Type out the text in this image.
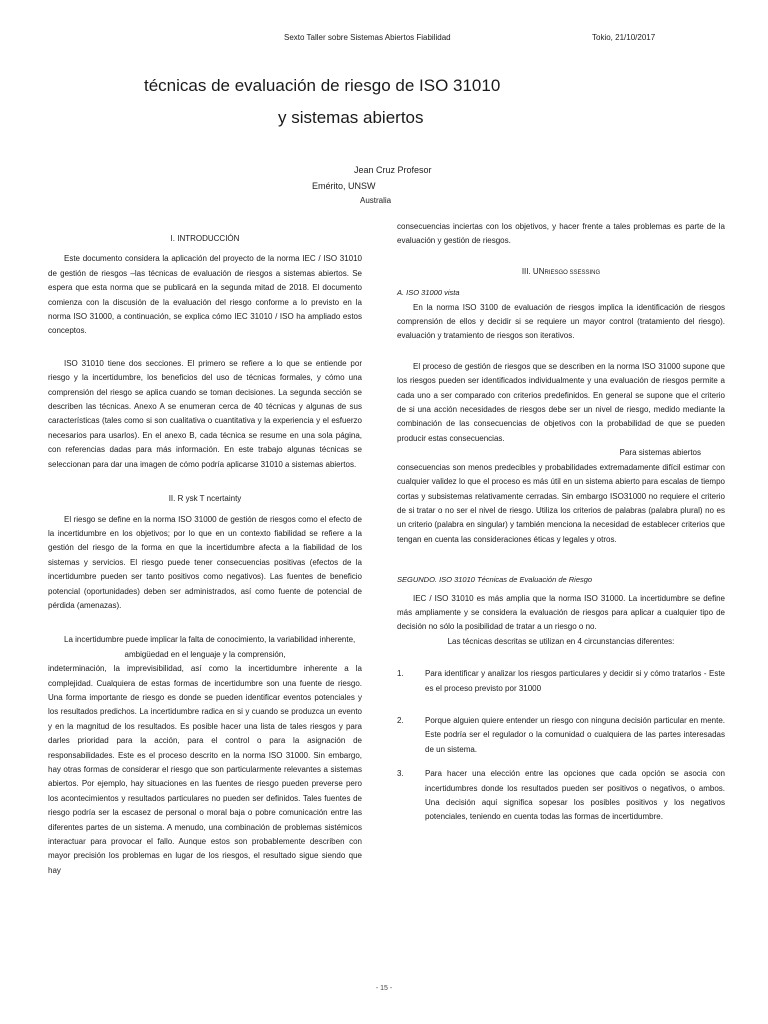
Sexto Taller sobre Sistemas Abiertos Fiabilidad	Tokio, 21/10/2017
técnicas de evaluación de riesgo de ISO 31010
y sistemas abiertos
Jean Cruz Profesor
Emérito, UNSW
Australia

I. INTRODUCCIÓN

Este documento considera la aplicación del proyecto de la norma IEC / ISO 31010 de gestión de riesgos –las técnicas de evaluación de riesgos a sistemas abiertos. Se espera que esta norma que se publicará en la segunda mitad de 2018. El documento comienza con la discusión de la evaluación del riesgo conforme a lo previsto en la norma ISO 31000, a continuación, se explica cómo IEC 31010 / ISO ha ampliado estos conceptos.

ISO 31010 tiene dos secciones. El primero se refiere a lo que se entiende por riesgo y la incertidumbre, los beneficios del uso de técnicas formales, y cómo una comprensión del riesgo se aplica cuando se toman decisiones. La segunda sección se describen las técnicas. Anexo A se enumeran cerca de 40 técnicas y algunas de sus características (tales como si son cualitativa o cuantitativa y la experiencia y el esfuerzo necesarios para usarlos). En el anexo B, cada técnica se resume en una sola página, con referencias dadas para más información. En este trabajo algunas técnicas se seleccionan para dar una imagen de cómo podría aplicarse 31010 a sistemas abiertos.

II. R ysk T ncertainty

El riesgo se define en la norma ISO 31000 de gestión de riesgos como el efecto de la incertidumbre en los objetivos; por lo que en un contexto fiabilidad se refiere a la gestión del riesgo de la forma en que la incertidumbre afecta a la fiabilidad de los sistemas y servicios. El riesgo puede tener consecuencias positivas (efectos de la incertidumbre pueden ser tanto positivos como negativos). Las fuentes de beneficio potencial (oportunidades) deben ser administrados, así como fuente de potencial de pérdida (amenazas).

La incertidumbre puede implicar la falta de conocimiento, la variabilidad inherente,

ambigüedad en el lenguaje y la comprensión,

indeterminación, la imprevisibilidad, así como la incertidumbre inherente a la complejidad. Cualquiera de estas formas de incertidumbre son una fuente de riesgo. Una forma importante de riesgo es donde se pueden identificar eventos potenciales y los resultados predichos. La incertidumbre radica en si y cuando se produzca un evento y en la magnitud de los resultados. Es posible hacer una lista de tales riesgos y para darles prioridad para la acción, para el control o para la asignación de responsabilidades. Este es el proceso descrito en la norma ISO 31000. Sin embargo, hay otras formas de considerar el riesgo que son particularmente relevantes a sistemas abiertos. Por ejemplo, hay situaciones en las fuentes de riesgo pueden preverse pero los acontecimientos y resultados particulares no pueden ser definidos. Tales fuentes de riesgo podría ser la escasez de personal o moral baja o pobre comunicación entre las diferentes partes de un sistema. A menudo, una combinación de problemas sistémicos interactuar para provocar el fallo. Aunque estos son probablemente describen con mayor precisión los problemas en lugar de los riesgos, el resultado sigue siendo que hay

consecuencias inciertas con los objetivos, y hacer frente a tales problemas es parte de la evaluación y gestión de riesgos.

III. UNRIESGO SSESSING

A. ISO 31000 vista

En la norma ISO 3100 de evaluación de riesgos implica la identificación de riesgos comprensión de ellos y decidir si se requiere un mayor control (tratamiento del riesgo). evaluación y tratamiento de riesgos son iterativos.

El proceso de gestión de riesgos que se describen en la norma ISO 31000 supone que los riesgos pueden ser identificados individualmente y una evaluación de riesgos permite a cada uno a ser comparado con criterios predefinidos. En general se supone que el criterio de si una acción necesidades de riesgos debe ser un nivel de riesgo, medido mediante la combinación de las consecuencias de objetivos con la probabilidad de que se pueden producir estas consecuencias.

Para sistemas abiertos

consecuencias son menos predecibles y probabilidades extremadamente difícil estimar con cualquier validez lo que el proceso es más útil en un sistema abierto para escalas de tiempo cortas y subsistemas relativamente cerradas. Sin embargo ISO31000 no requiere el criterio de si tratar o no ser el nivel de riesgo. Utiliza los criterios de palabras (palabra plural) no es un criterio (palabra en singular) y también menciona la necesidad de establecer criterios que tengan en cuenta las consideraciones éticas y legales y otros.

SEGUNDO. ISO 31010 Técnicas de Evaluación de Riesgo

IEC / ISO 31010 es más amplia que la norma ISO 31000. La incertidumbre se define más ampliamente y se considera la evaluación de riesgos para aplicar a cualquier tipo de decisión no sólo la posibilidad de tratar a un riesgo o no.

Las técnicas descritas se utilizan en 4 circunstancias diferentes:

1.	Para identificar y analizar los riesgos particulares y decidir si y cómo tratarlos - Este es el proceso previsto por 31000
2.	Porque alguien quiere entender un riesgo con ninguna decisión particular en mente. Este podría ser el regulador o la comunidad o cualquiera de las partes interesadas de un sistema.
3.	Para hacer una elección entre las opciones que cada opción se asocia con incertidumbres donde los resultados pueden ser positivos o negativos, o ambos. Una decisión aquí significa sopesar los posibles positivos y los negativos potenciales, teniendo en cuenta todas las formas de incertidumbre.
- 15 -
